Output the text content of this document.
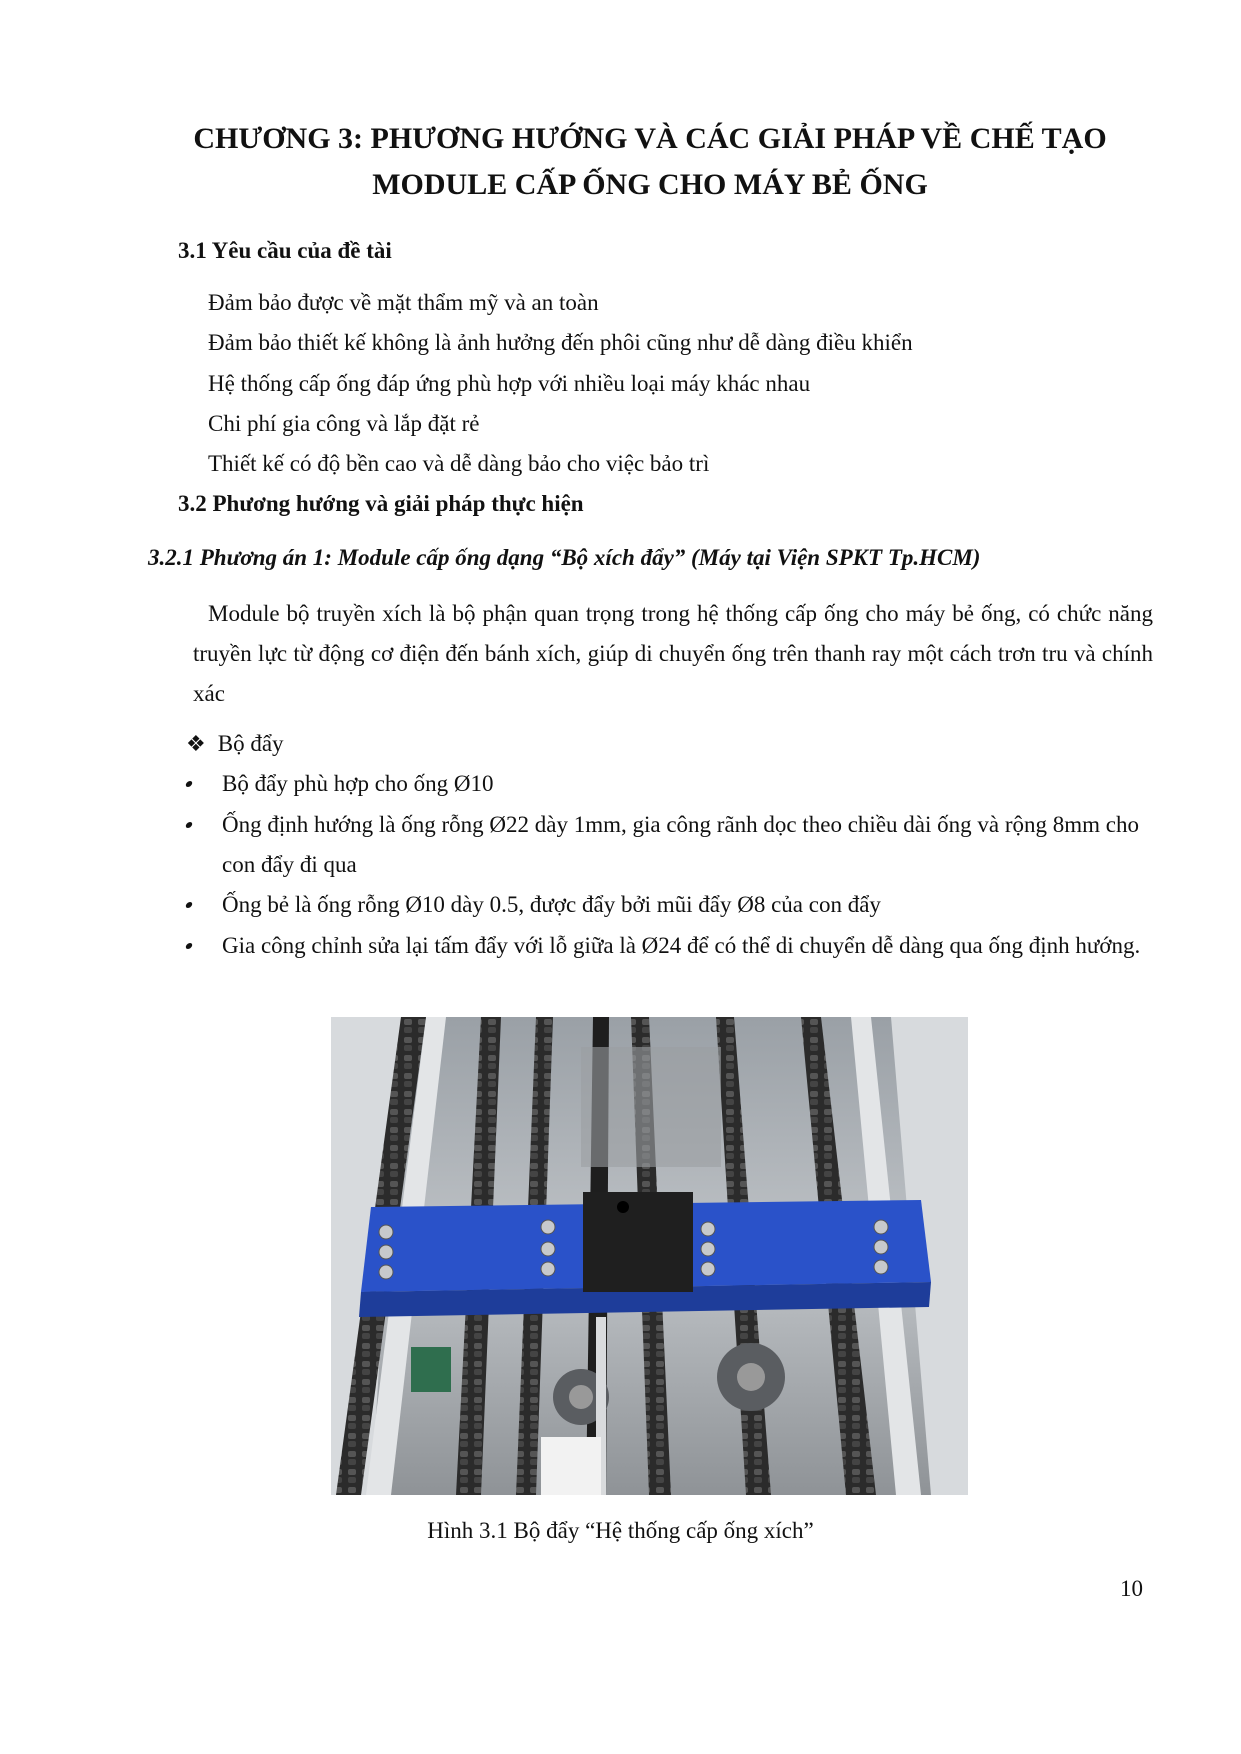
CHƯƠNG 3: PHƯƠNG HƯỚNG VÀ CÁC GIẢI PHÁP VỀ CHẾ TẠO
MODULE CẤP ỐNG CHO MÁY BẺ ỐNG
3.1 Yêu cầu của đề tài
Đảm bảo được về mặt thẩm mỹ và an toàn
Đảm bảo thiết kế không là ảnh hưởng đến phôi cũng như dễ dàng điều khiển
Hệ thống cấp ống đáp ứng phù hợp với nhiều loại máy khác nhau
Chi phí gia công và lắp đặt rẻ
Thiết kế có độ bền cao và dễ dàng bảo cho việc bảo trì
3.2 Phương hướng và giải pháp thực hiện
3.2.1 Phương án 1: Module cấp ống dạng “Bộ xích đẩy” (Máy tại Viện SPKT Tp.HCM)
Module bộ truyền xích là bộ phận quan trọng trong hệ thống cấp ống cho máy bẻ ống, có chức năng truyền lực từ động cơ điện đến bánh xích, giúp di chuyển ống trên thanh ray một cách trơn tru và chính xác
❖ Bộ đẩy
Bộ đẩy phù hợp cho ống Ø10
Ống định hướng là ống rỗng Ø22 dày 1mm, gia công rãnh dọc theo chiều dài ống và rộng 8mm cho con đẩy đi qua
Ống bẻ là ống rỗng Ø10 dày 0.5, được đẩy bởi mũi đẩy Ø8 của con đẩy
Gia công chỉnh sửa lại tấm đẩy với lỗ giữa là Ø24 để có thể di chuyển dễ dàng qua ống định hướng.
Hình 3.1 Bộ đẩy “Hệ thống cấp ống xích”
10
